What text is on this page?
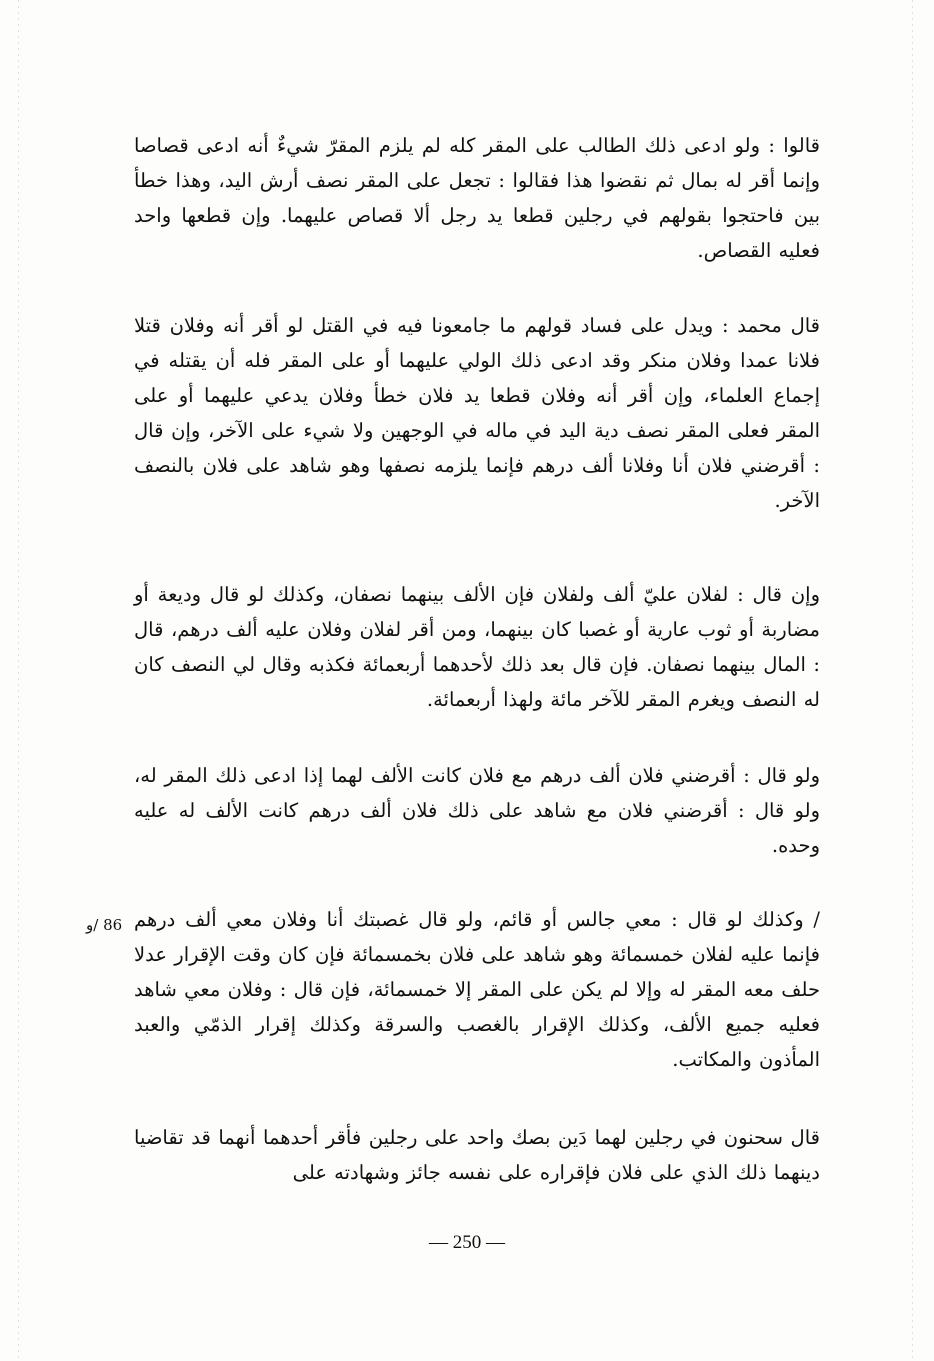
قالوا : ولو ادعى ذلك الطالب على المقر كله لم يلزم المقرّ شيءٌ أنه ادعى قصاصا وإنما أقر له بمال ثم نقضوا هذا فقالوا : تجعل على المقر نصف أرش اليد، وهذا خطأ بين فاحتجوا بقولهم في رجلين قطعا يد رجل ألا قصاص عليهما. وإن قطعها واحد فعليه القصاص.

قال محمد : ويدل على فساد قولهم ما جامعونا فيه في القتل لو أقر أنه وفلان قتلا فلانا عمدا وفلان منكر وقد ادعى ذلك الولي عليهما أو على المقر فله أن يقتله في إجماع العلماء، وإن أقر أنه وفلان قطعا يد فلان خطأ وفلان يدعي عليهما أو على المقر فعلى المقر نصف دية اليد في ماله في الوجهين ولا شيء على الآخر، وإن قال : أقرضني فلان أنا وفلانا ألف درهم فإنما يلزمه نصفها وهو شاهد على فلان بالنصف الآخر.

وإن قال : لفلان عليّ ألف ولفلان فإن الألف بينهما نصفان، وكذلك لو قال وديعة أو مضاربة أو ثوب عارية أو غصبا كان بينهما، ومن أقر لفلان وفلان عليه ألف درهم، قال : المال بينهما نصفان. فإن قال بعد ذلك لأحدهما أربعمائة فكذبه وقال لي النصف كان له النصف ويغرم المقر للآخر مائة ولهذا أربعمائة.

ولو قال : أقرضني فلان ألف درهم مع فلان كانت الألف لهما إذا ادعى ذلك المقر له، ولو قال : أقرضني فلان مع شاهد على ذلك فلان ألف درهم كانت الألف له عليه وحده.

86 /و / وكذلك لو قال : معي جالس أو قائم، ولو قال غصبتك أنا وفلان معي ألف درهم فإنما عليه لفلان خمسمائة وهو شاهد على فلان بخمسمائة فإن كان وقت الإقرار عدلا حلف معه المقر له وإلا لم يكن على المقر إلا خمسمائة، فإن قال : وفلان معي شاهد فعليه جميع الألف، وكذلك الإقرار بالغصب والسرقة وكذلك إقرار الذمّي والعبد المأذون والمكاتب.

قال سحنون في رجلين لهما دَين بصك واحد على رجلين فأقر أحدهما أنهما قد تقاضيا دينهما ذلك الذي على فلان فإقراره على نفسه جائز وشهادته على

— 250 —
